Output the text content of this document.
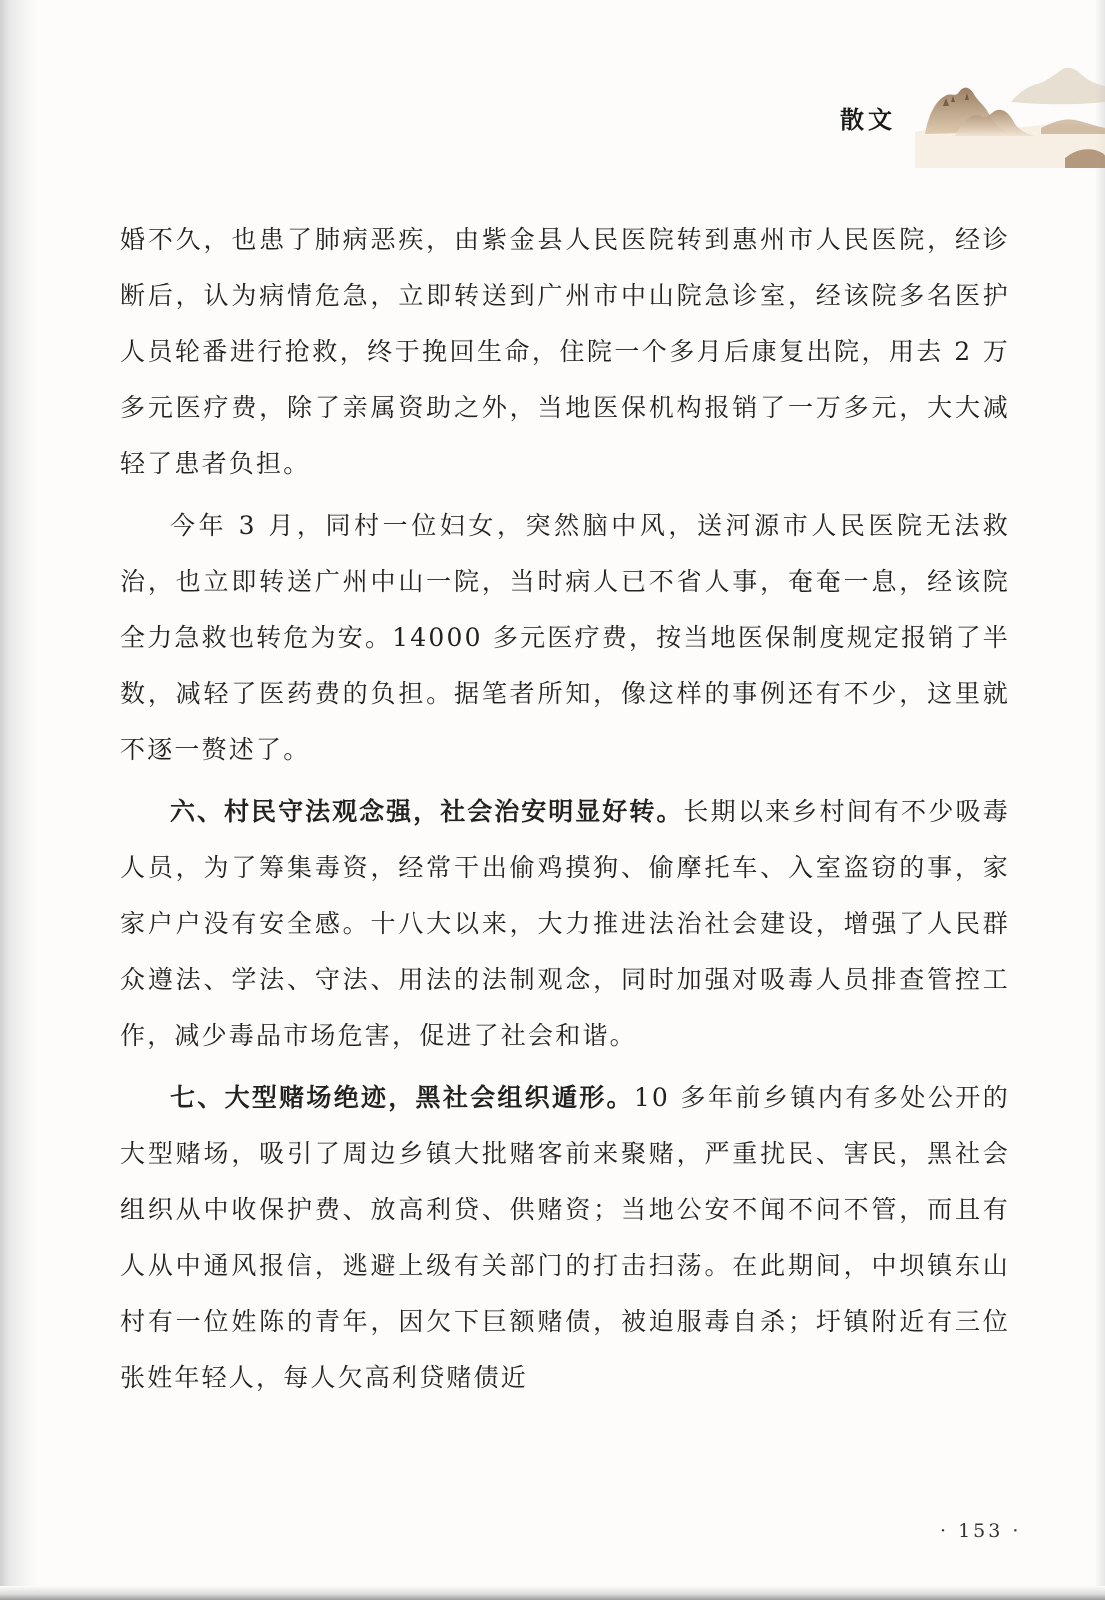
散文

婚不久，也患了肺病恶疾，由紫金县人民医院转到惠州市人民医院，经诊断后，认为病情危急，立即转送到广州市中山院急诊室，经该院多名医护人员轮番进行抢救，终于挽回生命，住院一个多月后康复出院，用去 2 万多元医疗费，除了亲属资助之外，当地医保机构报销了一万多元，大大减轻了患者负担。

今年 3 月，同村一位妇女，突然脑中风，送河源市人民医院无法救治，也立即转送广州中山一院，当时病人已不省人事，奄奄一息，经该院全力急救也转危为安。14000 多元医疗费，按当地医保制度规定报销了半数，减轻了医药费的负担。据笔者所知，像这样的事例还有不少，这里就不逐一赘述了。

六、村民守法观念强，社会治安明显好转。长期以来乡村间有不少吸毒人员，为了筹集毒资，经常干出偷鸡摸狗、偷摩托车、入室盗窃的事，家家户户没有安全感。十八大以来，大力推进法治社会建设，增强了人民群众遵法、学法、守法、用法的法制观念，同时加强对吸毒人员排查管控工作，减少毒品市场危害，促进了社会和谐。

七、大型赌场绝迹，黑社会组织遁形。10 多年前乡镇内有多处公开的大型赌场，吸引了周边乡镇大批赌客前来聚赌，严重扰民、害民，黑社会组织从中收保护费、放高利贷、供赌资；当地公安不闻不问不管，而且有人从中通风报信，逃避上级有关部门的打击扫荡。在此期间，中坝镇东山村有一位姓陈的青年，因欠下巨额赌债，被迫服毒自杀；圩镇附近有三位张姓年轻人，每人欠高利贷赌债近

· 153 ·
